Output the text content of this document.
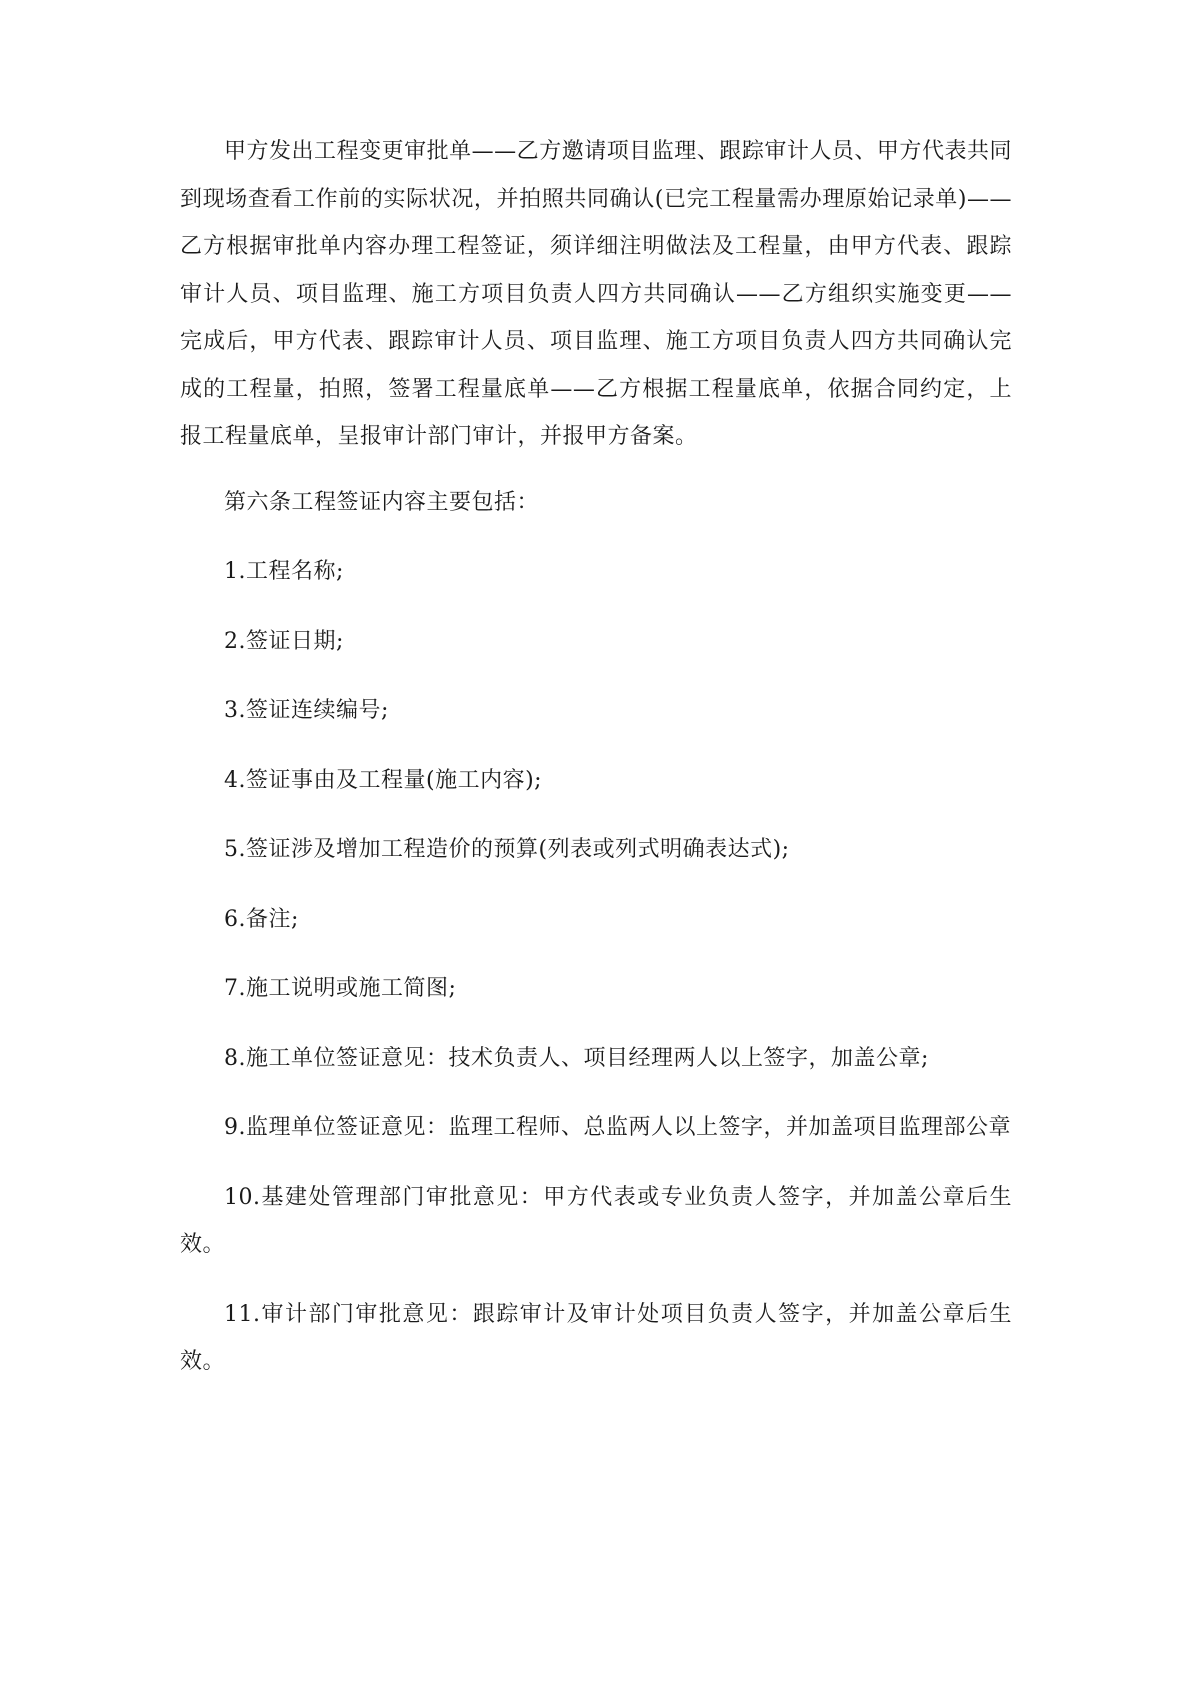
甲方发出工程变更审批单——乙方邀请项目监理、跟踪审计人员、甲方代表共同到现场查看工作前的实际状况，并拍照共同确认(已完工程量需办理原始记录单)——乙方根据审批单内容办理工程签证，须详细注明做法及工程量，由甲方代表、跟踪审计人员、项目监理、施工方项目负责人四方共同确认——乙方组织实施变更——完成后，甲方代表、跟踪审计人员、项目监理、施工方项目负责人四方共同确认完成的工程量，拍照，签署工程量底单——乙方根据工程量底单，依据合同约定，上报工程量底单，呈报审计部门审计，并报甲方备案。

第六条工程签证内容主要包括：

1.工程名称;

2.签证日期;

3.签证连续编号;

4.签证事由及工程量(施工内容);

5.签证涉及增加工程造价的预算(列表或列式明确表达式);

6.备注;

7.施工说明或施工简图;

8.施工单位签证意见：技术负责人、项目经理两人以上签字，加盖公章;

9.监理单位签证意见：监理工程师、总监两人以上签字，并加盖项目监理部公章

10.基建处管理部门审批意见：甲方代表或专业负责人签字，并加盖公章后生效。

11.审计部门审批意见：跟踪审计及审计处项目负责人签字，并加盖公章后生效。
